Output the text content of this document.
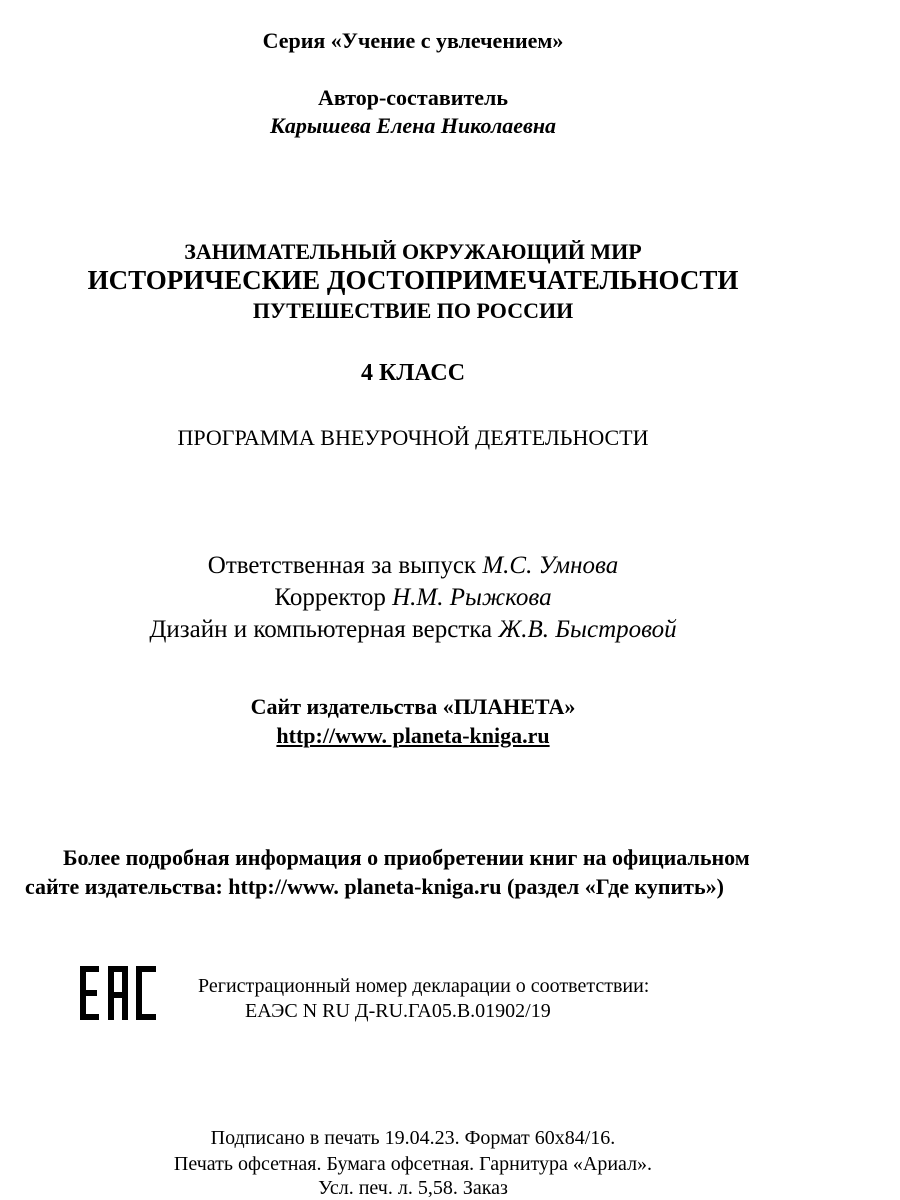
Серия «Учение с увлечением»
Автор-составитель
Карышева Елена Николаевна
ЗАНИМАТЕЛЬНЫЙ ОКРУЖАЮЩИЙ МИР
ИСТОРИЧЕСКИЕ ДОСТОПРИМЕЧАТЕЛЬНОСТИ
ПУТЕШЕСТВИЕ ПО РОССИИ
4 КЛАСС
ПРОГРАММА ВНЕУРОЧНОЙ ДЕЯТЕЛЬНОСТИ
Ответственная за выпуск М.С. Умнова
Корректор Н.М. Рыжкова
Дизайн и компьютерная верстка Ж.В. Быстровой
Сайт издательства «ПЛАНЕТА»
http://www. planeta-kniga.ru
Более подробная информация о приобретении книг на официальном
сайте издательства: http://www. planeta-kniga.ru (раздел «Где купить»)
Регистрационный номер декларации о соответствии:
ЕАЭС N RU Д-RU.ГА05.В.01902/19
Подписано в печать 19.04.23. Формат 60x84/16.
Печать офсетная. Бумага офсетная. Гарнитура «Ариал».
Усл. печ. л. 5,58. Заказ
